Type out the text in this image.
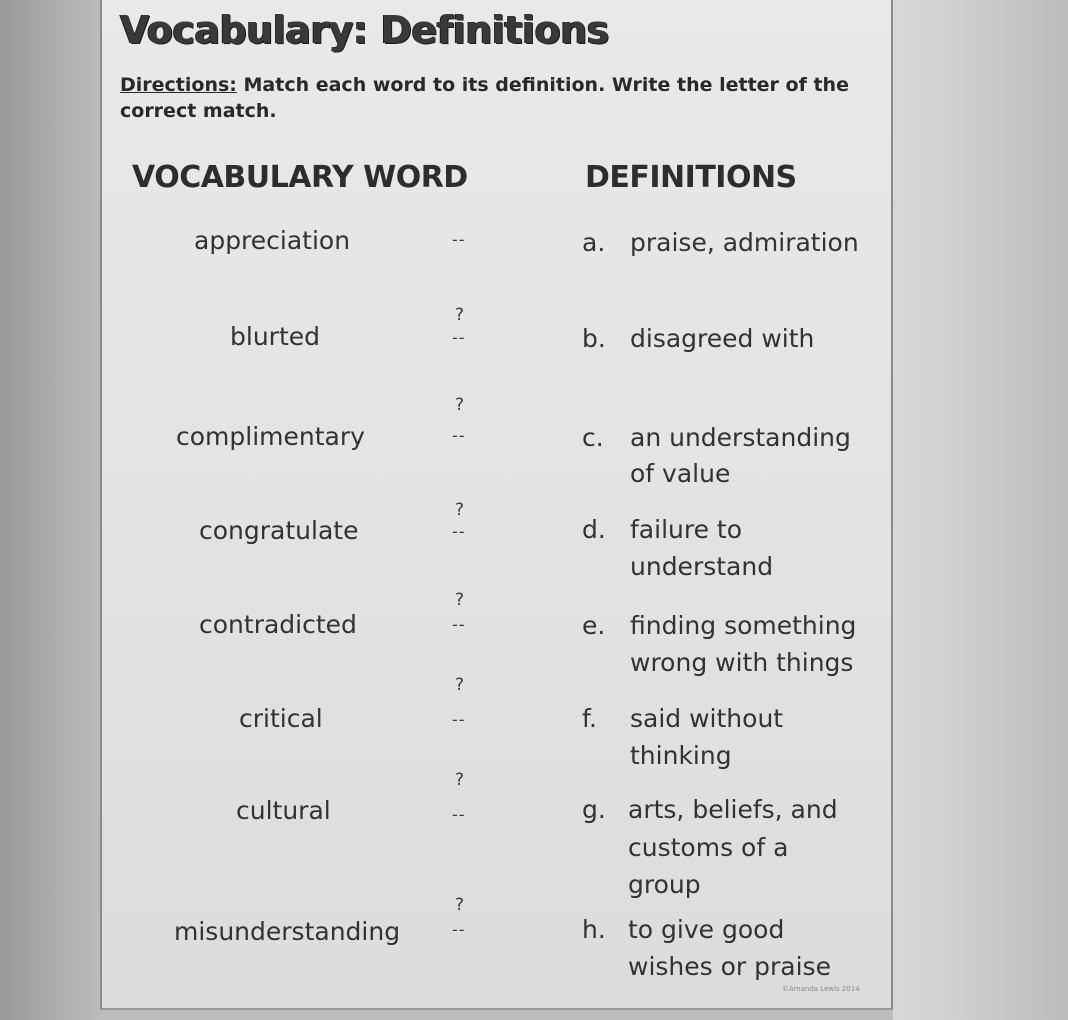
Vocabulary: Definitions
Directions: Match each word to its definition. Write the letter of the correct match.
VOCABULARY WORD	DEFINITIONS
appreciation
blurted
complimentary
congratulate
contradicted
critical
cultural
misunderstanding
?
?
?
?
?
?
?
--
--
--
--
--
--
--
--
a. praise, admiration
b. disagreed with
c. an understanding
of value
d. failure to
understand
e. finding something
wrong with things
f. said without
thinking
g. arts, beliefs, and
customs of a
group
h. to give good
wishes or praise
©Amanda Lewis 2014
